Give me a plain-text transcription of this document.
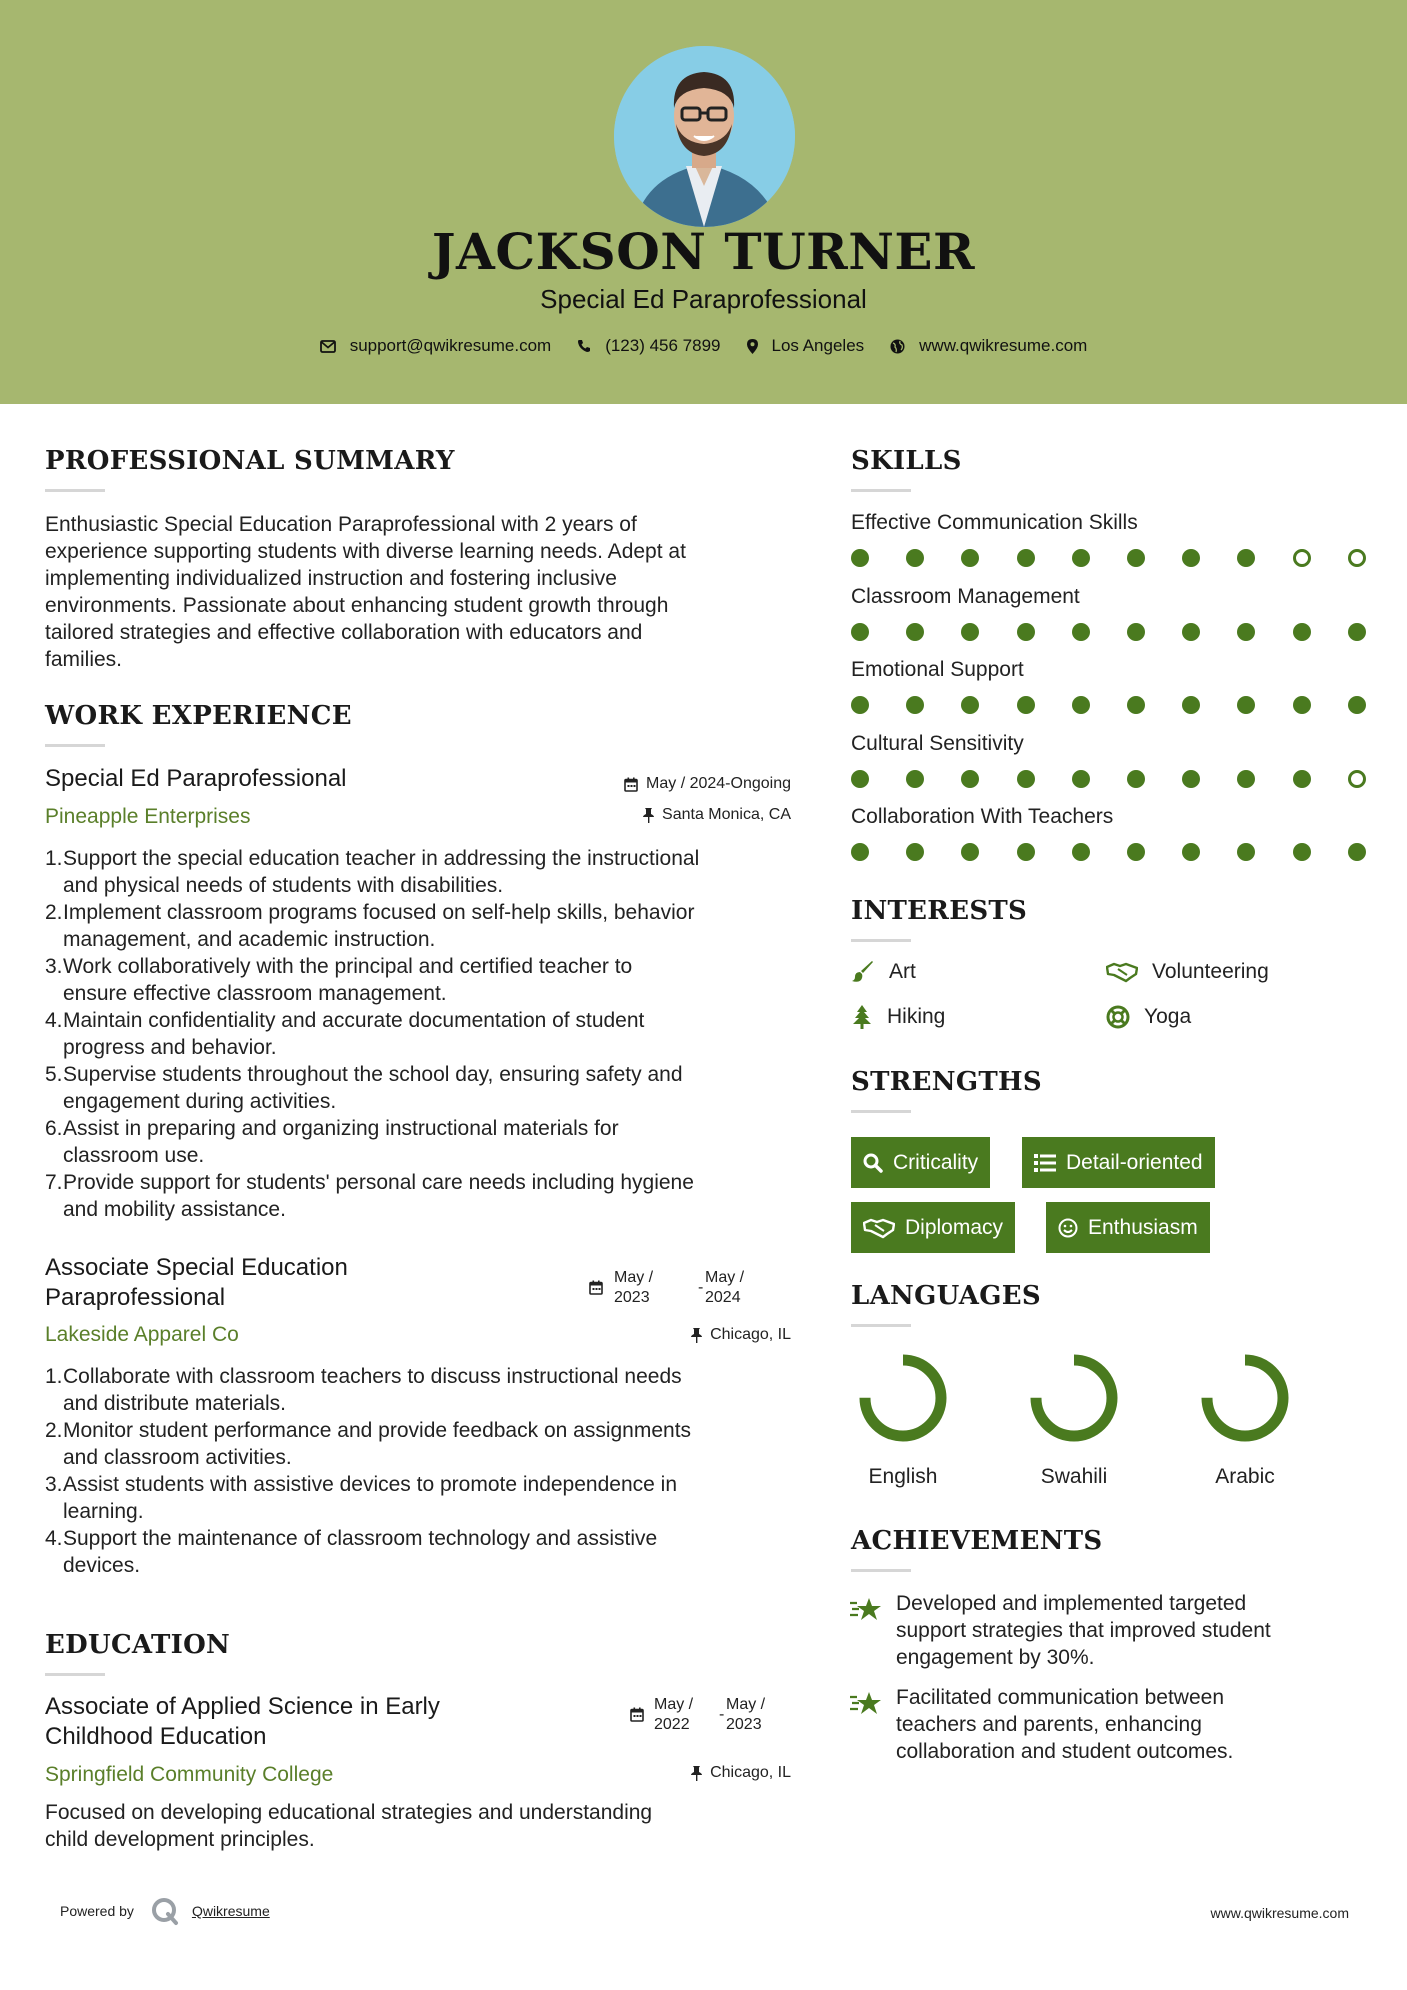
JACKSON TURNER
Special Ed Paraprofessional
support@qwikresume.com	(123) 456 7899	Los Angeles	www.qwikresume.com
PROFESSIONAL SUMMARY
Enthusiastic Special Education Paraprofessional with 2 years of
experience supporting students with diverse learning needs. Adept at
implementing individualized instruction and fostering inclusive
environments. Passionate about enhancing student growth through
tailored strategies and effective collaboration with educators and
families.
WORK EXPERIENCE
Special Ed Paraprofessional	May / 2024-Ongoing
Pineapple Enterprises	Santa Monica, CA
1. Support the special education teacher in addressing the instructional
and physical needs of students with disabilities.
2. Implement classroom programs focused on self-help skills, behavior
management, and academic instruction.
3. Work collaboratively with the principal and certified teacher to
ensure effective classroom management.
4. Maintain confidentiality and accurate documentation of student
progress and behavior.
5. Supervise students throughout the school day, ensuring safety and
engagement during activities.
6. Assist in preparing and organizing instructional materials for
classroom use.
7. Provide support for students' personal care needs including hygiene
and mobility assistance.
Associate Special Education
Paraprofessional
May /
2023
-
May /
2024
Lakeside Apparel Co	Chicago, IL
1. Collaborate with classroom teachers to discuss instructional needs
and distribute materials.
2. Monitor student performance and provide feedback on assignments
and classroom activities.
3. Assist students with assistive devices to promote independence in
learning.
4. Support the maintenance of classroom technology and assistive
devices.
EDUCATION
Associate of Applied Science in Early
Childhood Education
May /
2022
-
May /
2023
Springfield Community College	Chicago, IL
Focused on developing educational strategies and understanding
child development principles.
SKILLS
Effective Communication Skills
Classroom Management
Emotional Support
Cultural Sensitivity
Collaboration With Teachers
INTERESTS
Art	Volunteering
Hiking	Yoga
STRENGTHS
Criticality	Detail-oriented
Diplomacy	Enthusiasm
LANGUAGES
English	Swahili	Arabic
ACHIEVEMENTS
Developed and implemented targeted
support strategies that improved student
engagement by 30%.
Facilitated communication between
teachers and parents, enhancing
collaboration and student outcomes.
Powered by	Qwikresume	www.qwikresume.com
